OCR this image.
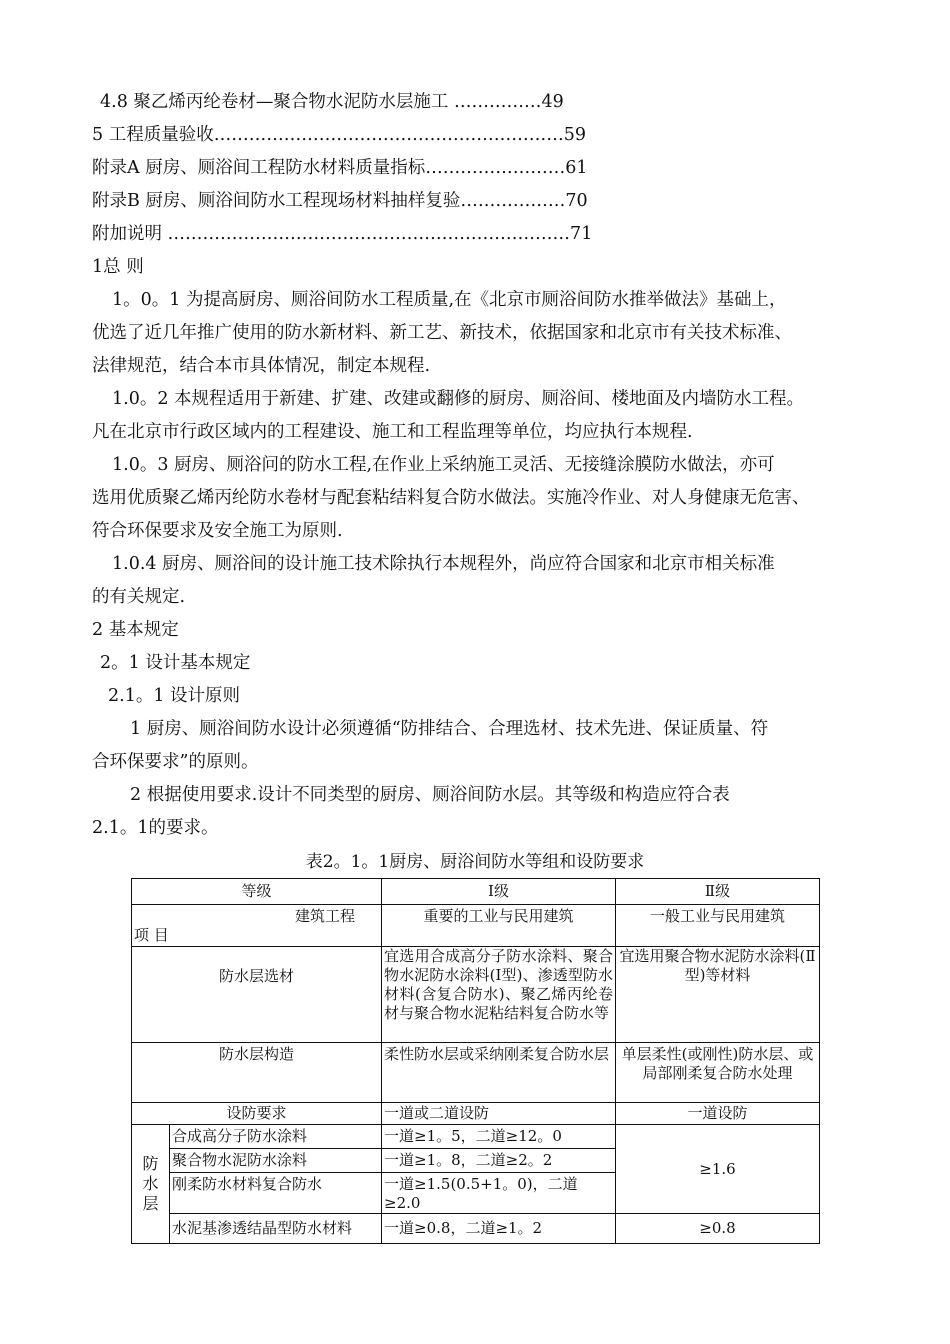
4.8 聚乙烯丙纶卷材—聚合物水泥防水层施工 ……………49
5 工程质量验收……………………………………………………59
附录A 厨房、厕浴间工程防水材料质量指标……………………61
附录B 厨房、厕浴间防水工程现场材料抽样复验………………70
附加说明 ……………………………………………………………71
1总 则
1。0。1 为提高厨房、厕浴间防水工程质量,在《北京市厕浴间防水推举做法》基础上，
优选了近几年推广使用的防水新材料、新工艺、新技术，依据国家和北京市有关技术标准、
法律规范，结合本市具体情况，制定本规程.
1.0。2 本规程适用于新建、扩建、改建或翻修的厨房、厕浴间、楼地面及内墙防水工程。
凡在北京市行政区域内的工程建设、施工和工程监理等单位，均应执行本规程.
1.0。3 厨房、厕浴问的防水工程,在作业上采纳施工灵活、无接缝涂膜防水做法，亦可
选用优质聚乙烯丙纶防水卷材与配套粘结料复合防水做法。实施冷作业、对人身健康无危害、
符合环保要求及安全施工为原则.
1.0.4 厨房、厕浴间的设计施工技术除执行本规程外，尚应符合国家和北京市相关标准
的有关规定.
2 基本规定
2。1 设计基本规定
2.1。1 设计原则
1 厨房、厕浴间防水设计必须遵循“防排结合、合理选材、技术先进、保证质量、符
合环保要求”的原则。
2 根据使用要求.设计不同类型的厨房、厕浴间防水层。其等级和构造应符合表
2.1。1的要求。
表2。1。1厨房、厨浴间防水等组和设防要求
等级		Ⅰ级	Ⅱ级

建筑工程
项 目		重要的工业与民用建筑	一般工业与民用建筑
防水层选材		宜选用合成高分子防水涂料、聚合物水泥防水涂料(Ⅰ型)、渗透型防水材料(含复合防水)、聚乙烯丙纶卷材与聚合物水泥粘结料复合防水等	宜选用聚合物水泥防水涂料(Ⅱ型)等材料
防水层构造		柔性防水层或采纳刚柔复合防水层	单层柔性(或刚性)防水层、或局部刚柔复合防水处理
设防要求		一道或二道设防	一道设防

防水层	合成高分子防水涂料	一道≥1。5，二道≥12。0	≥1.6
	聚合物水泥防水涂料	一道≥1。8，二道≥2。2	
	刚柔防水材料复合防水	一道≥1.5(0.5+1。0)，二道≥2.0	
	水泥基渗透结晶型防水材料	一道≥0.8，二道≥1。2	≥0.8
